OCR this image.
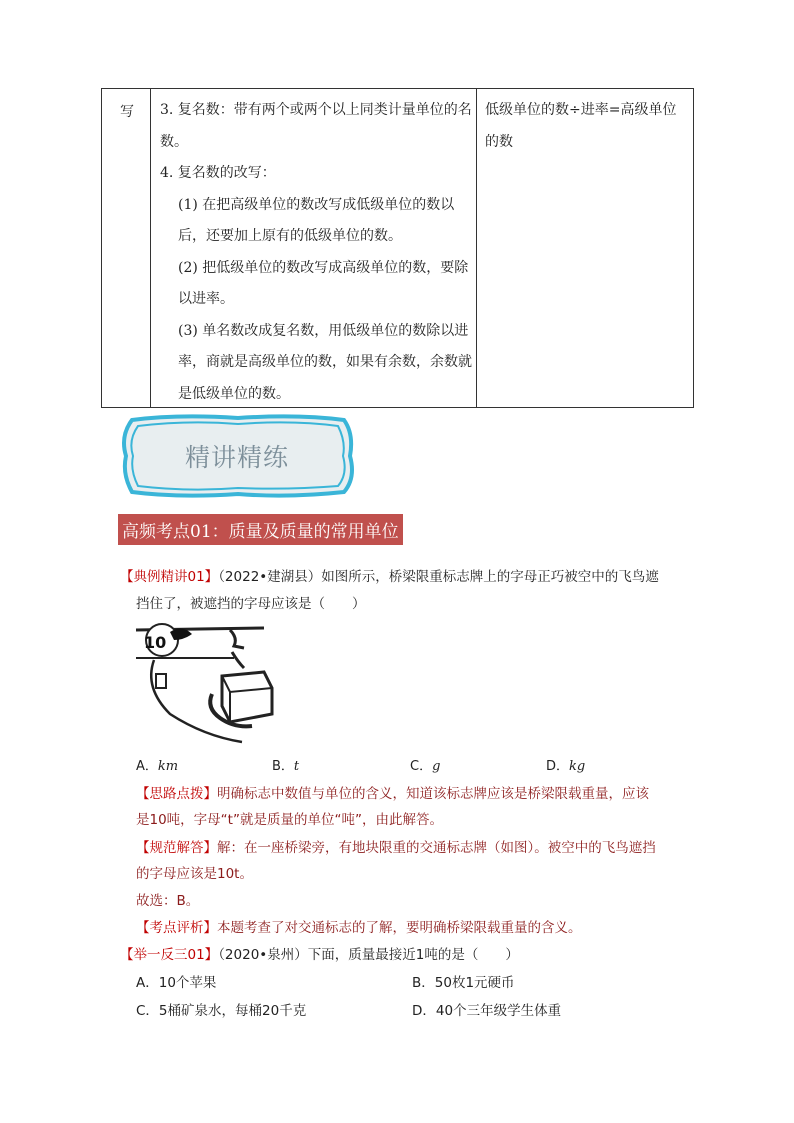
写 3. 复名数：带有两个或两个以上同类计量单位的名数。

4. 复名数的改写：

(1) 在把高级单位的数改写成低级单位的数以后，还要加上原有的低级单位的数。

(2) 把低级单位的数改写成高级单位的数，要除以进率。

(3) 单名数改成复名数，用低级单位的数除以进率，商就是高级单位的数，如果有余数，余数就是低级单位的数。

低级单位的数÷进率=高级单位的数
精讲精练
高频考点01：质量及质量的常用单位
【典例精讲01】（2022•建湖县）如图所示，桥梁限重标志牌上的字母正巧被空中的飞鸟遮
挡住了，被遮挡的字母应该是（　　）
10
A．km	B．t	C．g	D．kg
【思路点拨】明确标志中数值与单位的含义，知道该标志牌应该是桥梁限载重量，应该
是10吨，字母“t”就是质量的单位“吨”，由此解答。
【规范解答】解：在一座桥梁旁，有地块限重的交通标志牌（如图）。被空中的飞鸟遮挡
的字母应该是10t。
故选：B。
【考点评析】本题考查了对交通标志的了解，要明确桥梁限载重量的含义。
【举一反三01】（2020•泉州）下面，质量最接近1吨的是（　　）
A．10个苹果	B．50枚1元硬币
C．5桶矿泉水，每桶20千克	D．40个三年级学生体重
